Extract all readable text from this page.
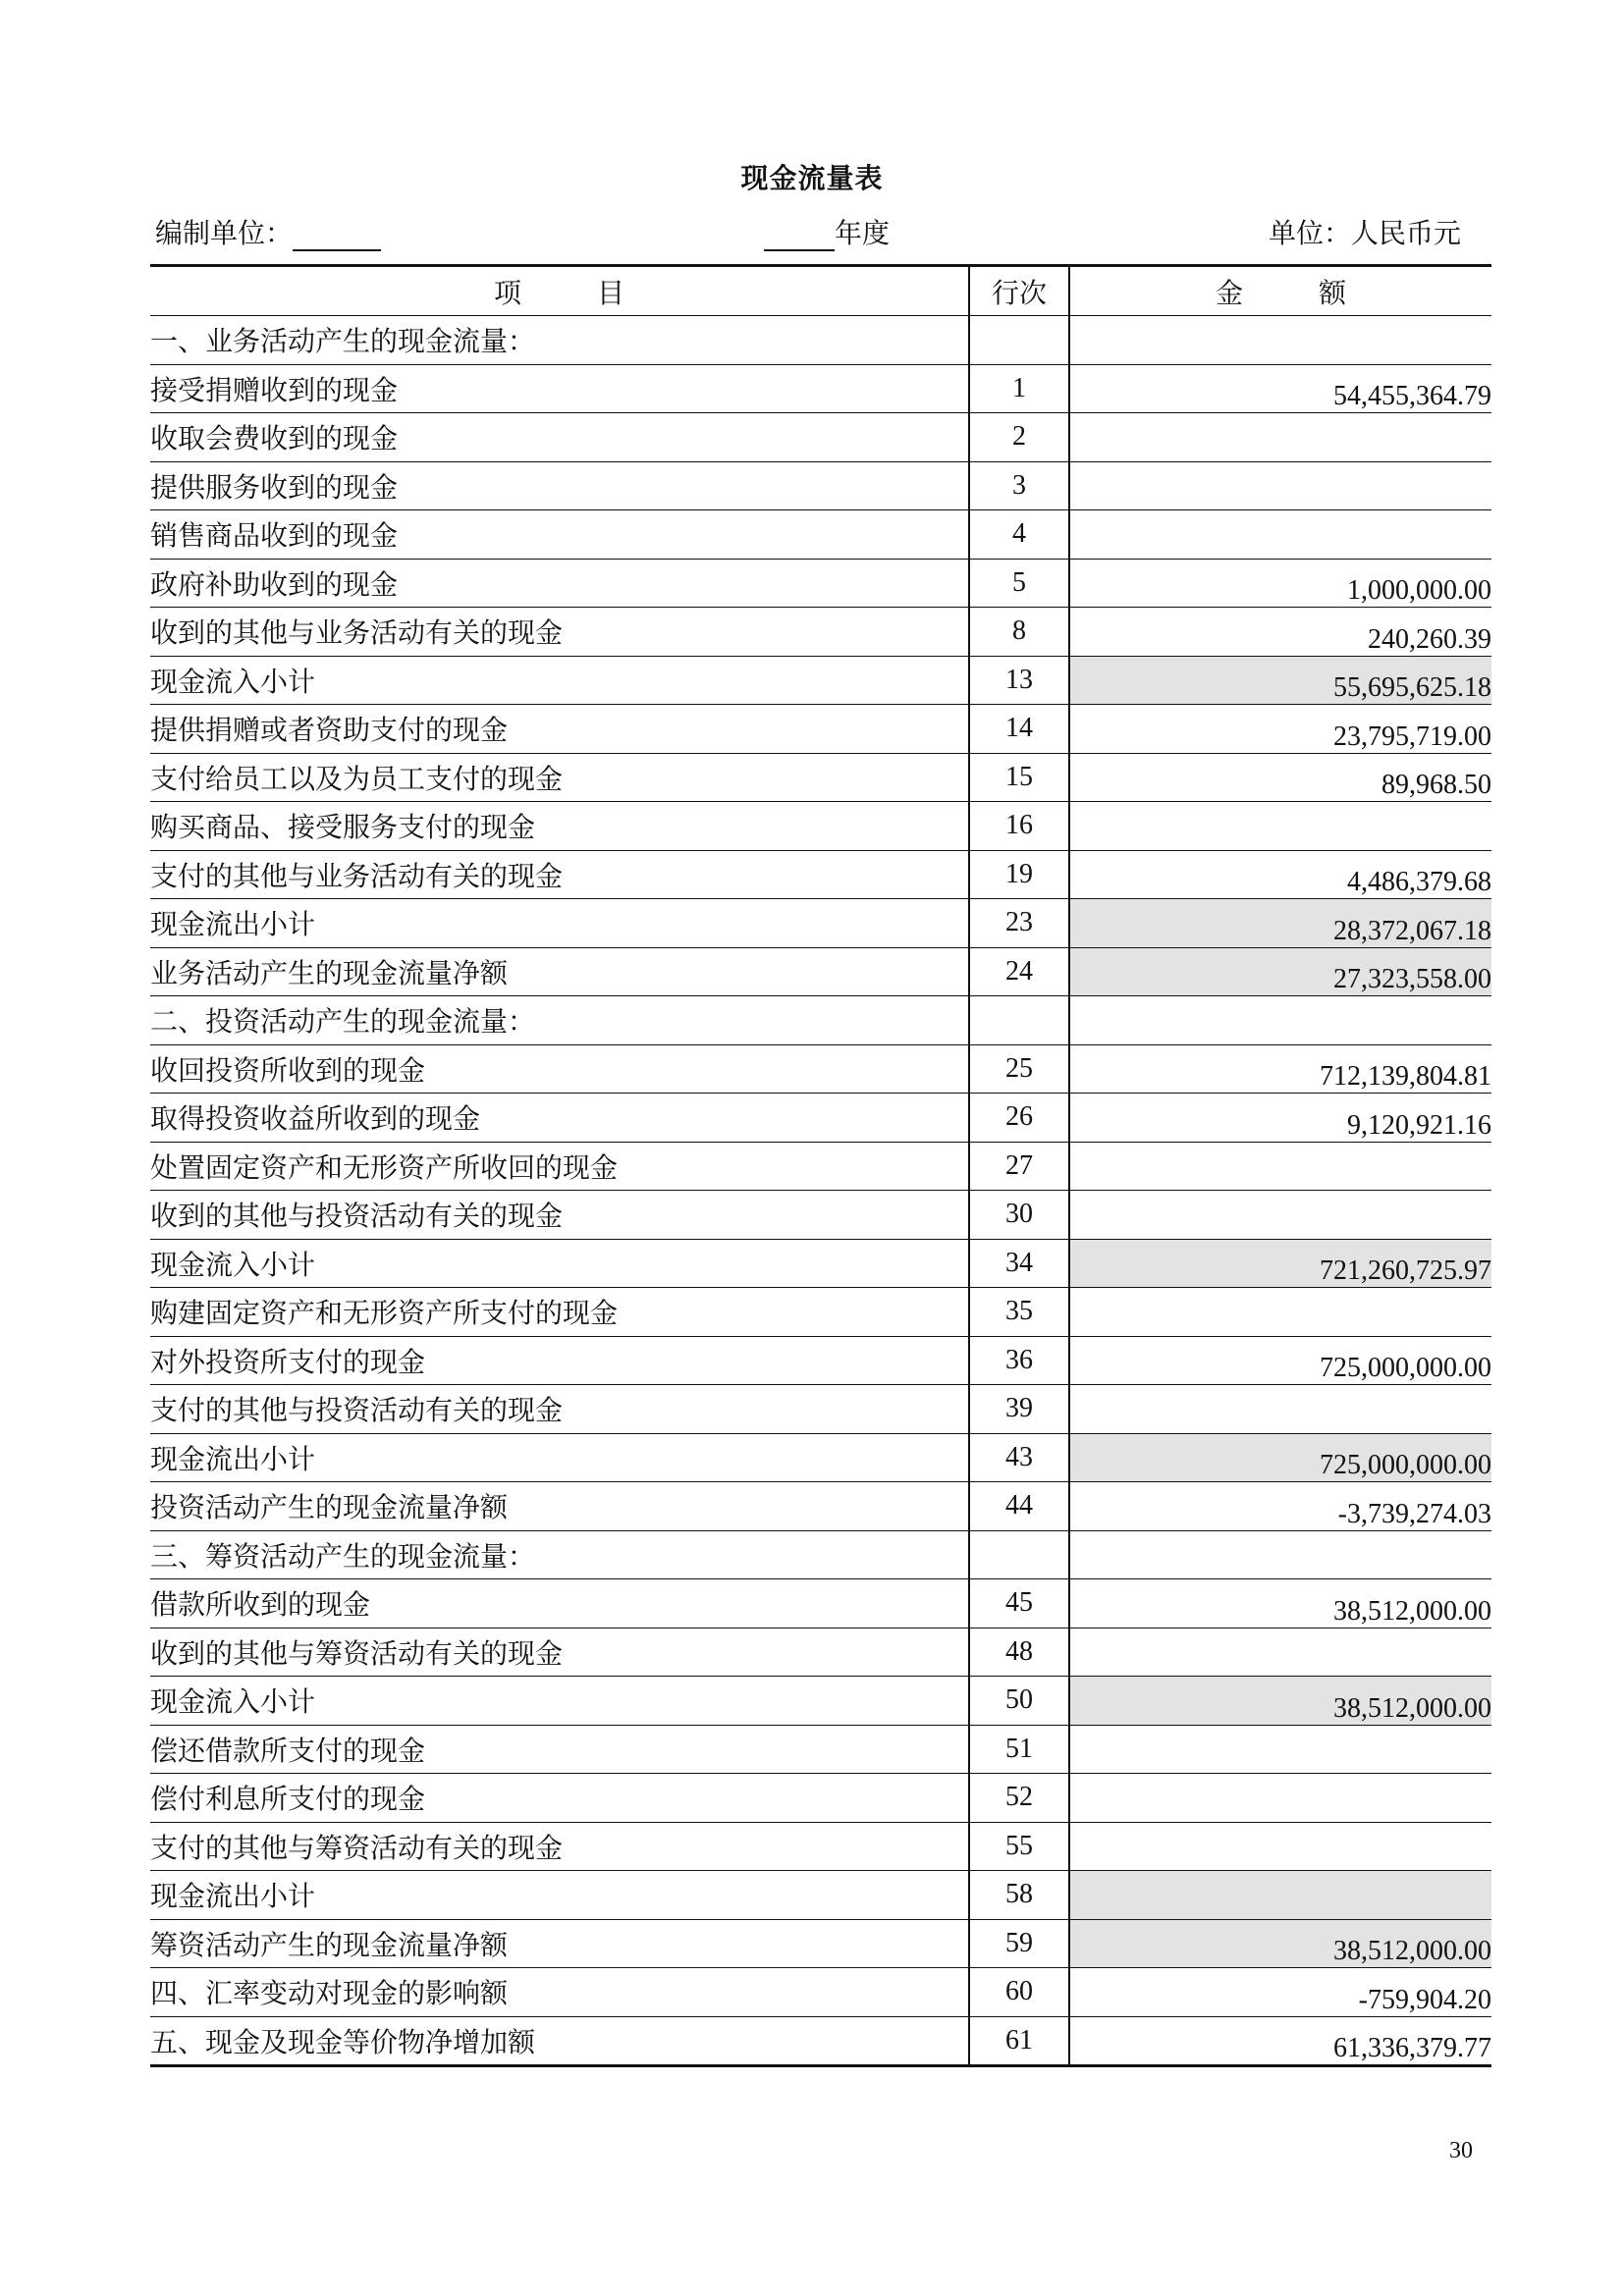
现金流量表
编制单位：	年度	单位：人民币元
项 目	行次	金 额
一、业务活动产生的现金流量：		
接受捐赠收到的现金	1	54,455,364.79
收取会费收到的现金	2	
提供服务收到的现金	3	
销售商品收到的现金	4	
政府补助收到的现金	5	1,000,000.00
收到的其他与业务活动有关的现金	8	240,260.39
现金流入小计	13	55,695,625.18
提供捐赠或者资助支付的现金	14	23,795,719.00
支付给员工以及为员工支付的现金	15	89,968.50
购买商品、接受服务支付的现金	16	
支付的其他与业务活动有关的现金	19	4,486,379.68
现金流出小计	23	28,372,067.18
业务活动产生的现金流量净额	24	27,323,558.00
二、投资活动产生的现金流量：		
收回投资所收到的现金	25	712,139,804.81
取得投资收益所收到的现金	26	9,120,921.16
处置固定资产和无形资产所收回的现金	27	
收到的其他与投资活动有关的现金	30	
现金流入小计	34	721,260,725.97
购建固定资产和无形资产所支付的现金	35	
对外投资所支付的现金	36	725,000,000.00
支付的其他与投资活动有关的现金	39	
现金流出小计	43	725,000,000.00
投资活动产生的现金流量净额	44	-3,739,274.03
三、筹资活动产生的现金流量：		
借款所收到的现金	45	38,512,000.00
收到的其他与筹资活动有关的现金	48	
现金流入小计	50	38,512,000.00
偿还借款所支付的现金	51	
偿付利息所支付的现金	52	
支付的其他与筹资活动有关的现金	55	
现金流出小计	58	
筹资活动产生的现金流量净额	59	38,512,000.00
四、汇率变动对现金的影响额	60	-759,904.20
五、现金及现金等价物净增加额	61	61,336,379.77
30
